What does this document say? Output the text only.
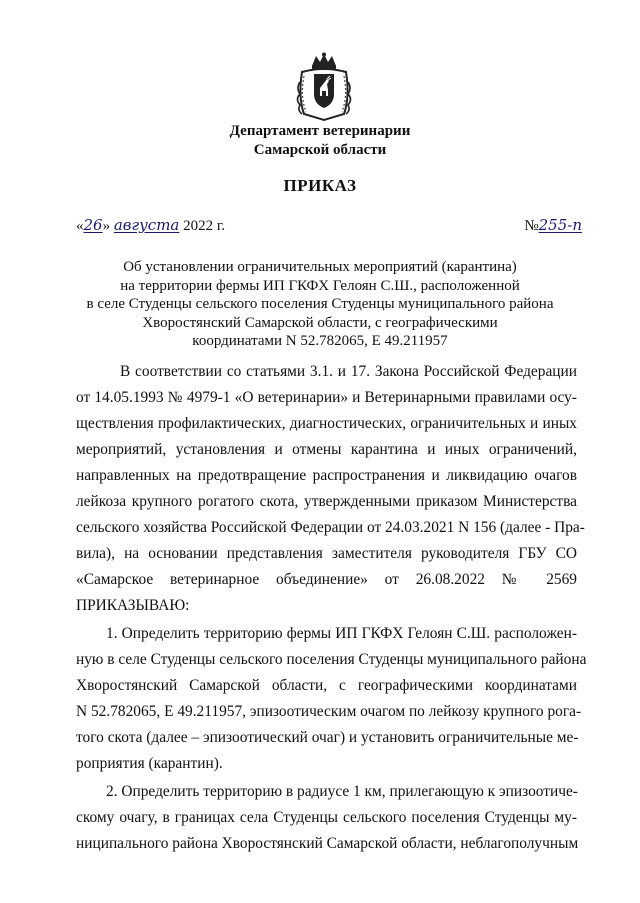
Департамент ветеринарии
Самарской области
ПРИКАЗ
«26» августа 2022 г.	№255-п
Об установлении ограничительных мероприятий (карантина)
на территории фермы ИП ГКФХ Гелоян С.Ш., расположенной
в селе Студенцы сельского поселения Студенцы муниципального района
Хворостянский Самарской области, с географическими
координатами N 52.782065, E 49.211957
В соответствии со статьями 3.1. и 17. Закона Российской Федерации
от 14.05.1993 № 4979-1 «О ветеринарии» и Ветеринарными правилами осу-
ществления профилактических, диагностических, ограничительных и иных
мероприятий, установления и отмены карантина и иных ограничений,
направленных на предотвращение распространения и ликвидацию очагов
лейкоза крупного рогатого скота, утвержденными приказом Министерства
сельского хозяйства Российской Федерации от 24.03.2021 N 156 (далее - Пра-
вила), на основании представления заместителя руководителя ГБУ СО
«Самарское ветеринарное объединение» от 26.08.2022 № 2569
ПРИКАЗЫВАЮ:
1. Определить территорию фермы ИП ГКФХ Гелоян С.Ш. расположен-
ную в селе Студенцы сельского поселения Студенцы муниципального района
Хворостянский Самарской области, с географическими координатами
N 52.782065, E 49.211957, эпизоотическим очагом по лейкозу крупного рога-
того скота (далее – эпизоотический очаг) и установить ограничительные ме-
роприятия (карантин).
2. Определить территорию в радиусе 1 км, прилегающую к эпизоотиче-
скому очагу, в границах села Студенцы сельского поселения Студенцы му-
ниципального района Хворостянский Самарской области, неблагополучным
